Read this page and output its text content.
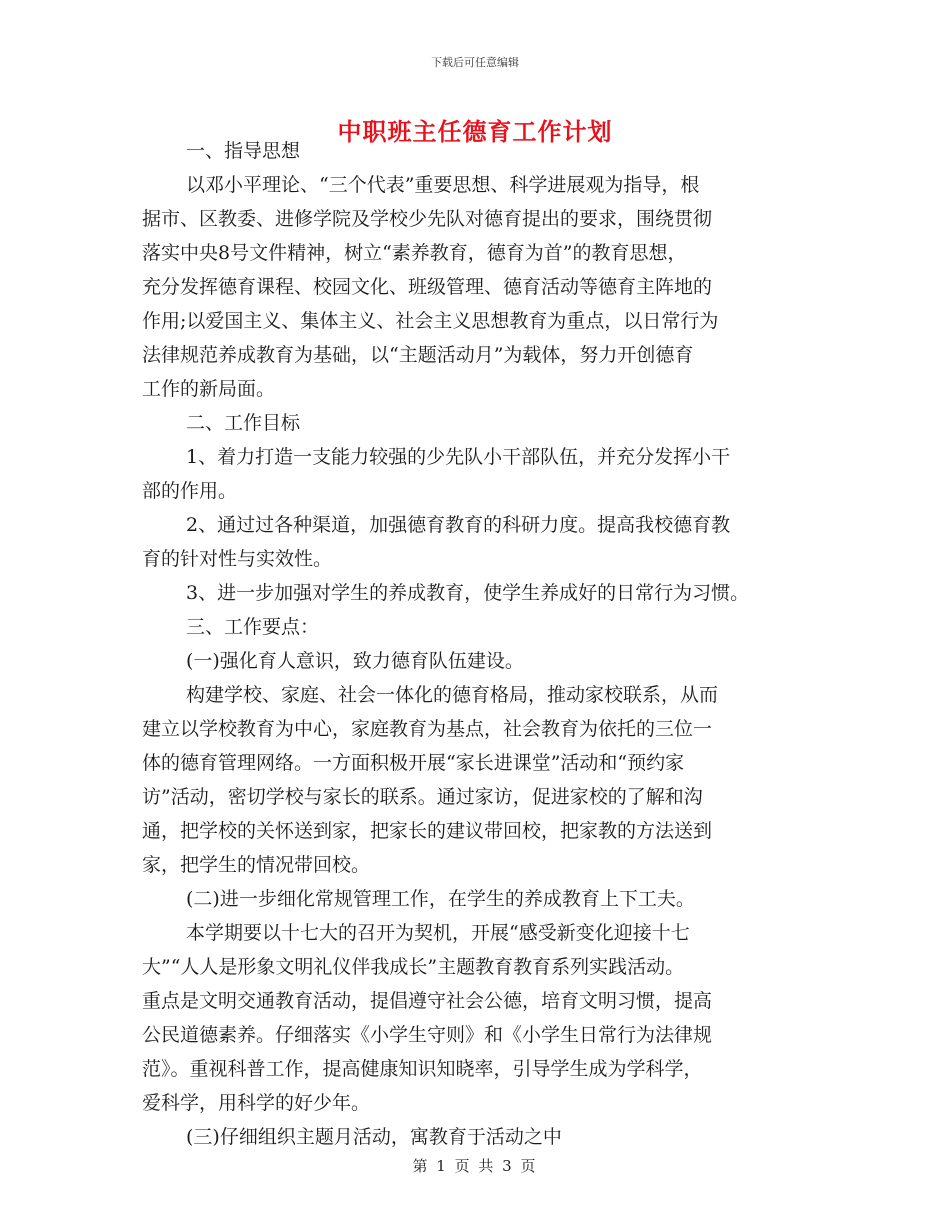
下载后可任意编辑
中职班主任德育工作计划
一、指导思想
以邓小平理论、“三个代表”重要思想、科学进展观为指导，根
据市、区教委、进修学院及学校少先队对德育提出的要求，围绕贯彻
落实中央8号文件精神，树立“素养教育，德育为首”的教育思想，
充分发挥德育课程、校园文化、班级管理、德育活动等德育主阵地的
作用;以爱国主义、集体主义、社会主义思想教育为重点，以日常行为
法律规范养成教育为基础，以“主题活动月”为载体，努力开创德育
工作的新局面。
二、工作目标
1、着力打造一支能力较强的少先队小干部队伍，并充分发挥小干
部的作用。
2、通过过各种渠道，加强德育教育的科研力度。提高我校德育教
育的针对性与实效性。
3、进一步加强对学生的养成教育，使学生养成好的日常行为习惯。
三、工作要点：
(一)强化育人意识，致力德育队伍建设。
构建学校、家庭、社会一体化的德育格局，推动家校联系，从而
建立以学校教育为中心，家庭教育为基点，社会教育为依托的三位一
体的德育管理网络。一方面积极开展“家长进课堂”活动和“预约家
访”活动，密切学校与家长的联系。通过家访，促进家校的了解和沟
通，把学校的关怀送到家，把家长的建议带回校，把家教的方法送到
家，把学生的情况带回校。
(二)进一步细化常规管理工作，在学生的养成教育上下工夫。
本学期要以十七大的召开为契机，开展“感受新变化迎接十七
大”“人人是形象文明礼仪伴我成长”主题教育教育系列实践活动。
重点是文明交通教育活动，提倡遵守社会公德，培育文明习惯，提高
公民道德素养。仔细落实《小学生守则》和《小学生日常行为法律规
范》。重视科普工作，提高健康知识知晓率，引导学生成为学科学，
爱科学，用科学的好少年。
(三)仔细组织主题月活动，寓教育于活动之中
第 1 页 共 3 页
